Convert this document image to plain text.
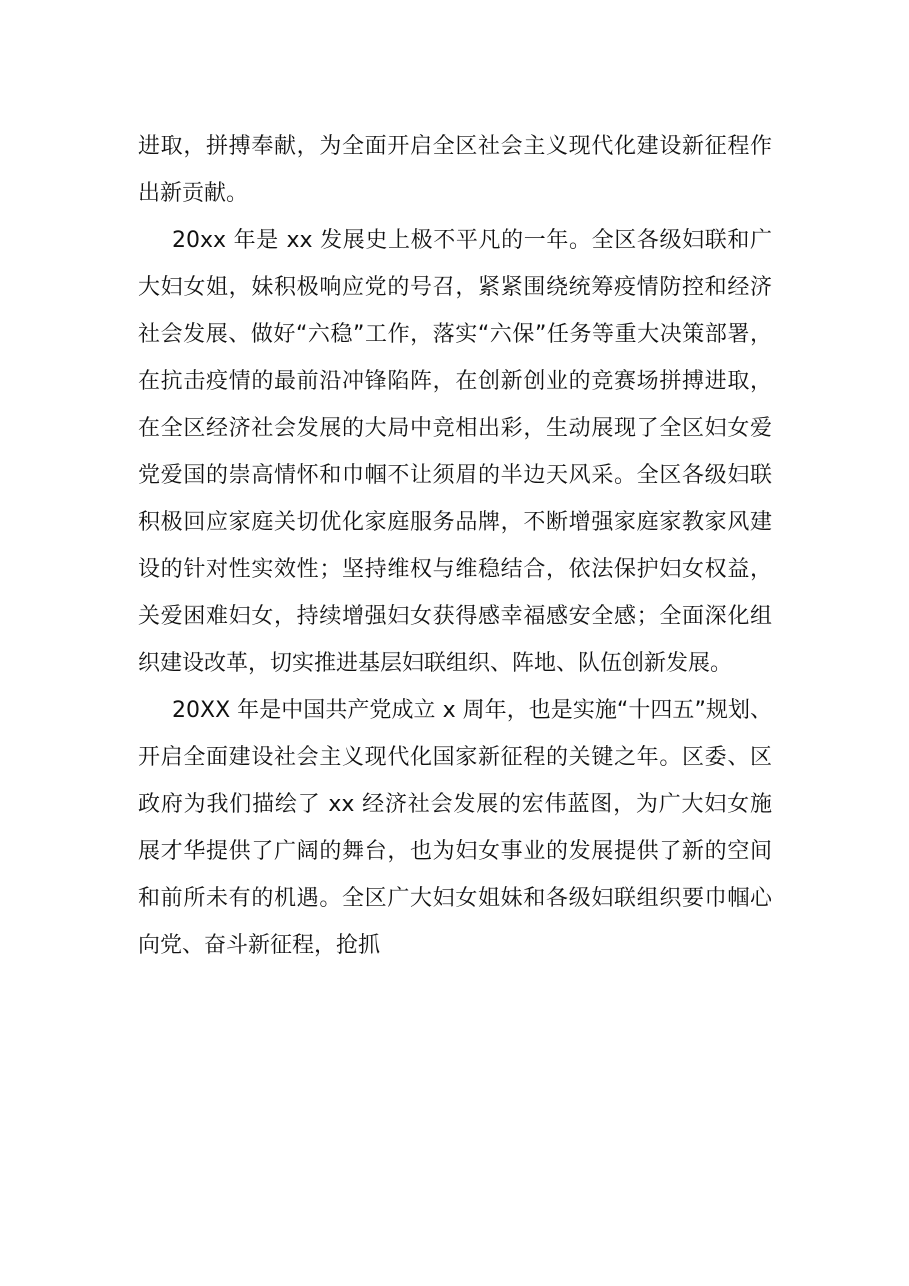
进取，拼搏奉献，为全面开启全区社会主义现代化建设新征程作出新贡献。

20xx 年是 xx 发展史上极不平凡的一年。全区各级妇联和广大妇女姐，妹积极响应党的号召，紧紧围绕统筹疫情防控和经济社会发展、做好“六稳”工作，落实“六保”任务等重大决策部署，在抗击疫情的最前沿冲锋陷阵，在创新创业的竞赛场拼搏进取，在全区经济社会发展的大局中竞相出彩，生动展现了全区妇女爱党爱国的崇高情怀和巾帼不让须眉的半边天风采。全区各级妇联积极回应家庭关切优化家庭服务品牌，不断增强家庭家教家风建设的针对性实效性；坚持维权与维稳结合，依法保护妇女权益，关爱困难妇女，持续增强妇女获得感幸福感安全感；全面深化组织建设改革，切实推进基层妇联组织、阵地、队伍创新发展。

20XX 年是中国共产党成立 x 周年，也是实施“十四五”规划、开启全面建设社会主义现代化国家新征程的关键之年。区委、区政府为我们描绘了 xx 经济社会发展的宏伟蓝图，为广大妇女施展才华提供了广阔的舞台，也为妇女事业的发展提供了新的空间和前所未有的机遇。全区广大妇女姐妹和各级妇联组织要巾帼心向党、奋斗新征程，抢抓
